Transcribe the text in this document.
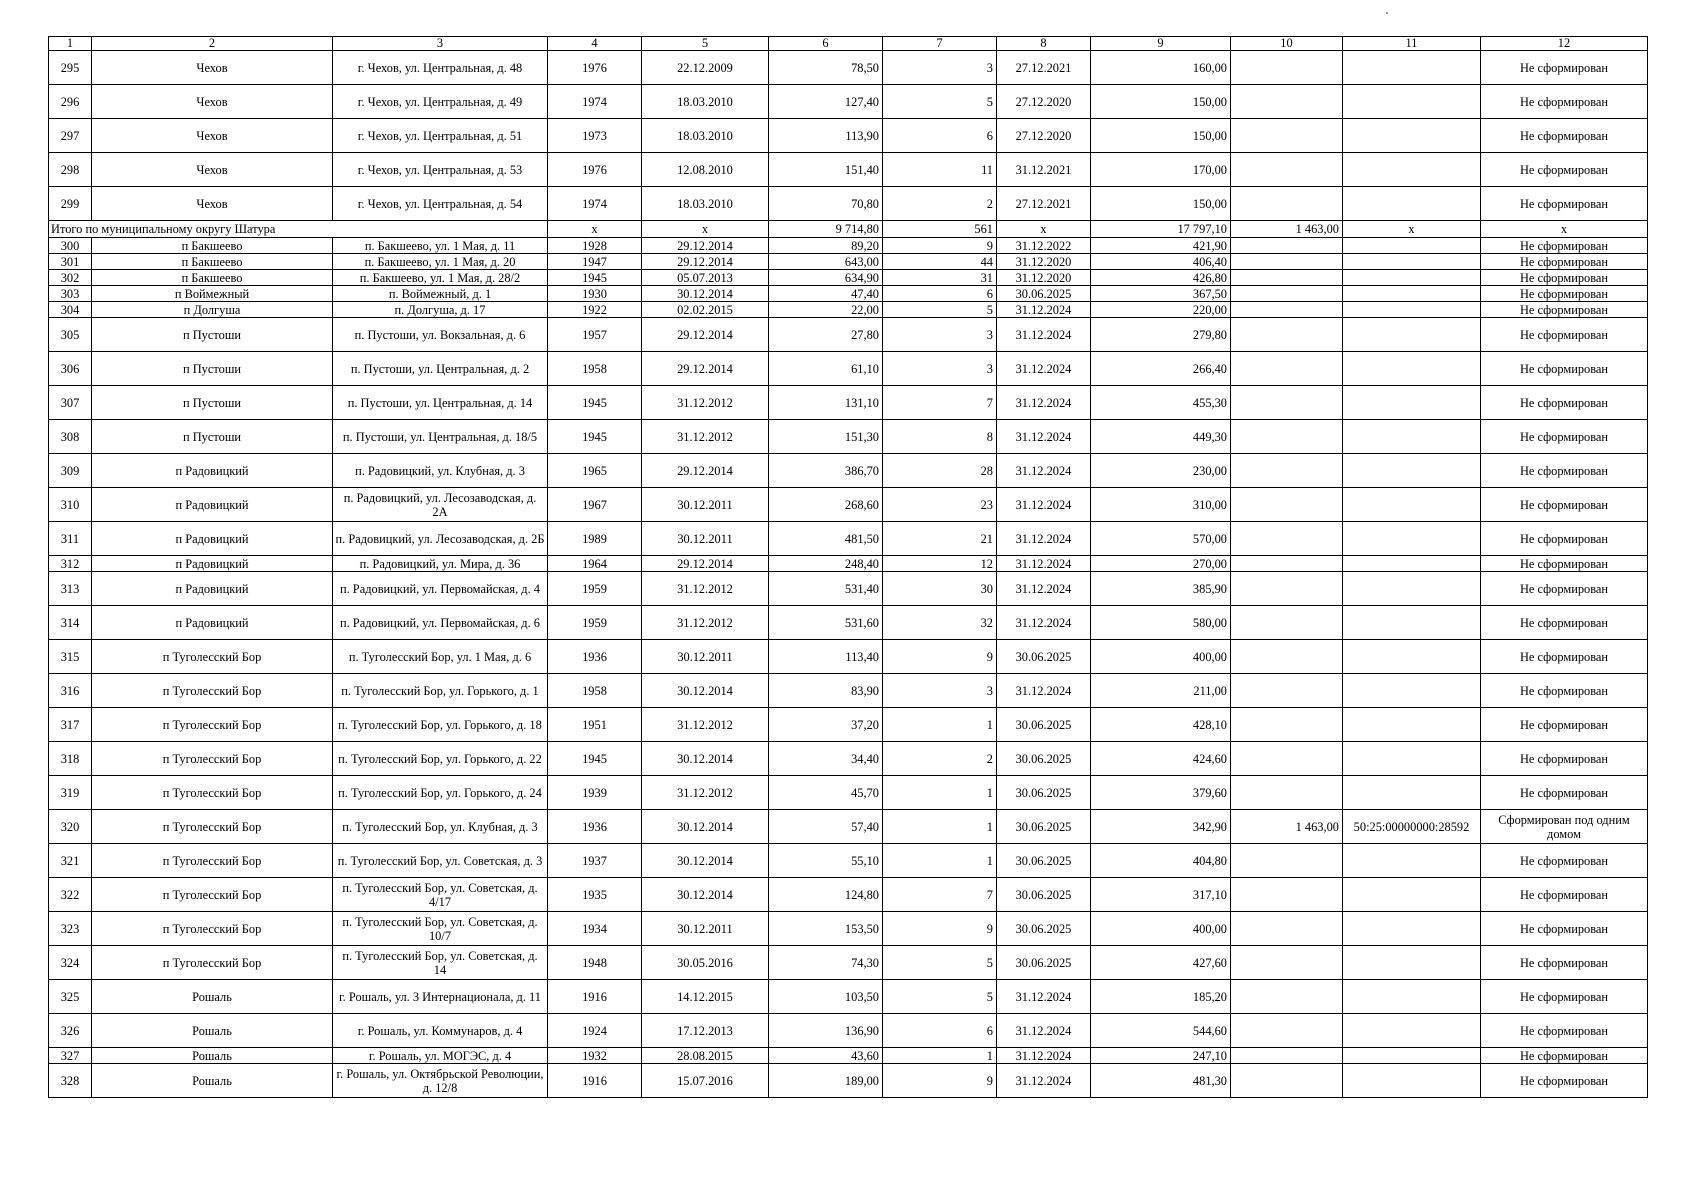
1	2	3	4	5	6	7	8	9	10	11	12
295	Чехов	г. Чехов, ул. Центральная, д. 48	1976	22.12.2009	78,50	3	27.12.2021	160,00			Не сформирован
296	Чехов	г. Чехов, ул. Центральная, д. 49	1974	18.03.2010	127,40	5	27.12.2020	150,00			Не сформирован
297	Чехов	г. Чехов, ул. Центральная, д. 51	1973	18.03.2010	113,90	6	27.12.2020	150,00			Не сформирован
298	Чехов	г. Чехов, ул. Центральная, д. 53	1976	12.08.2010	151,40	11	31.12.2021	170,00			Не сформирован
299	Чехов	г. Чехов, ул. Центральная, д. 54	1974	18.03.2010	70,80	2	27.12.2021	150,00			Не сформирован
Итого по муниципальному округу Шатура			x	x	9 714,80	561	x	17 797,10	1 463,00	x	x
300	п Бакшеево	п. Бакшеево, ул. 1 Мая, д. 11	1928	29.12.2014	89,20	9	31.12.2022	421,90			Не сформирован
301	п Бакшеево	п. Бакшеево, ул. 1 Мая, д. 20	1947	29.12.2014	643,00	44	31.12.2020	406,40			Не сформирован
302	п Бакшеево	п. Бакшеево, ул. 1 Мая, д. 28/2	1945	05.07.2013	634,90	31	31.12.2020	426,80			Не сформирован
303	п Воймежный	п. Воймежный, д. 1	1930	30.12.2014	47,40	6	30.06.2025	367,50			Не сформирован
304	п Долгуша	п. Долгуша, д. 17	1922	02.02.2015	22,00	5	31.12.2024	220,00			Не сформирован
305	п Пустоши	п. Пустоши, ул. Вокзальная, д. 6	1957	29.12.2014	27,80	3	31.12.2024	279,80			Не сформирован
306	п Пустоши	п. Пустоши, ул. Центральная, д. 2	1958	29.12.2014	61,10	3	31.12.2024	266,40			Не сформирован
307	п Пустоши	п. Пустоши, ул. Центральная, д. 14	1945	31.12.2012	131,10	7	31.12.2024	455,30			Не сформирован
308	п Пустоши	п. Пустоши, ул. Центральная, д. 18/5	1945	31.12.2012	151,30	8	31.12.2024	449,30			Не сформирован
309	п Радовицкий	п. Радовицкий, ул. Клубная, д. 3	1965	29.12.2014	386,70	28	31.12.2024	230,00			Не сформирован
310	п Радовицкий	п. Радовицкий, ул. Лесозаводская, д. 2А	1967	30.12.2011	268,60	23	31.12.2024	310,00			Не сформирован
311	п Радовицкий	п. Радовицкий, ул. Лесозаводская, д. 2Б	1989	30.12.2011	481,50	21	31.12.2024	570,00			Не сформирован
312	п Радовицкий	п. Радовицкий, ул. Мира, д. 36	1964	29.12.2014	248,40	12	31.12.2024	270,00			Не сформирован
313	п Радовицкий	п. Радовицкий, ул. Первомайская, д. 4	1959	31.12.2012	531,40	30	31.12.2024	385,90			Не сформирован
314	п Радовицкий	п. Радовицкий, ул. Первомайская, д. 6	1959	31.12.2012	531,60	32	31.12.2024	580,00			Не сформирован
315	п Туголесский Бор	п. Туголесский Бор, ул. 1 Мая, д. 6	1936	30.12.2011	113,40	9	30.06.2025	400,00			Не сформирован
316	п Туголесский Бор	п. Туголесский Бор, ул. Горького, д. 1	1958	30.12.2014	83,90	3	31.12.2024	211,00			Не сформирован
317	п Туголесский Бор	п. Туголесский Бор, ул. Горького, д. 18	1951	31.12.2012	37,20	1	30.06.2025	428,10			Не сформирован
318	п Туголесский Бор	п. Туголесский Бор, ул. Горького, д. 22	1945	30.12.2014	34,40	2	30.06.2025	424,60			Не сформирован
319	п Туголесский Бор	п. Туголесский Бор, ул. Горького, д. 24	1939	31.12.2012	45,70	1	30.06.2025	379,60			Не сформирован
320	п Туголесский Бор	п. Туголесский Бор, ул. Клубная, д. 3	1936	30.12.2014	57,40	1	30.06.2025	342,90	1 463,00	50:25:00000000:28592	Сформирован под одним домом
321	п Туголесский Бор	п. Туголесский Бор, ул. Советская, д. 3	1937	30.12.2014	55,10	1	30.06.2025	404,80			Не сформирован
322	п Туголесский Бор	п. Туголесский Бор, ул. Советская, д. 4/17	1935	30.12.2014	124,80	7	30.06.2025	317,10			Не сформирован
323	п Туголесский Бор	п. Туголесский Бор, ул. Советская, д. 10/7	1934	30.12.2011	153,50	9	30.06.2025	400,00			Не сформирован
324	п Туголесский Бор	п. Туголесский Бор, ул. Советская, д. 14	1948	30.05.2016	74,30	5	30.06.2025	427,60			Не сформирован
325	Рошаль	г. Рошаль, ул. 3 Интернационала, д. 11	1916	14.12.2015	103,50	5	31.12.2024	185,20			Не сформирован
326	Рошаль	г. Рошаль, ул. Коммунаров, д. 4	1924	17.12.2013	136,90	6	31.12.2024	544,60			Не сформирован
327	Рошаль	г. Рошаль, ул. МОГЭС, д. 4	1932	28.08.2015	43,60	1	31.12.2024	247,10			Не сформирован
328	Рошаль	г. Рошаль, ул. Октябрьской Революции, д. 12/8	1916	15.07.2016	189,00	9	31.12.2024	481,30			Не сформирован
